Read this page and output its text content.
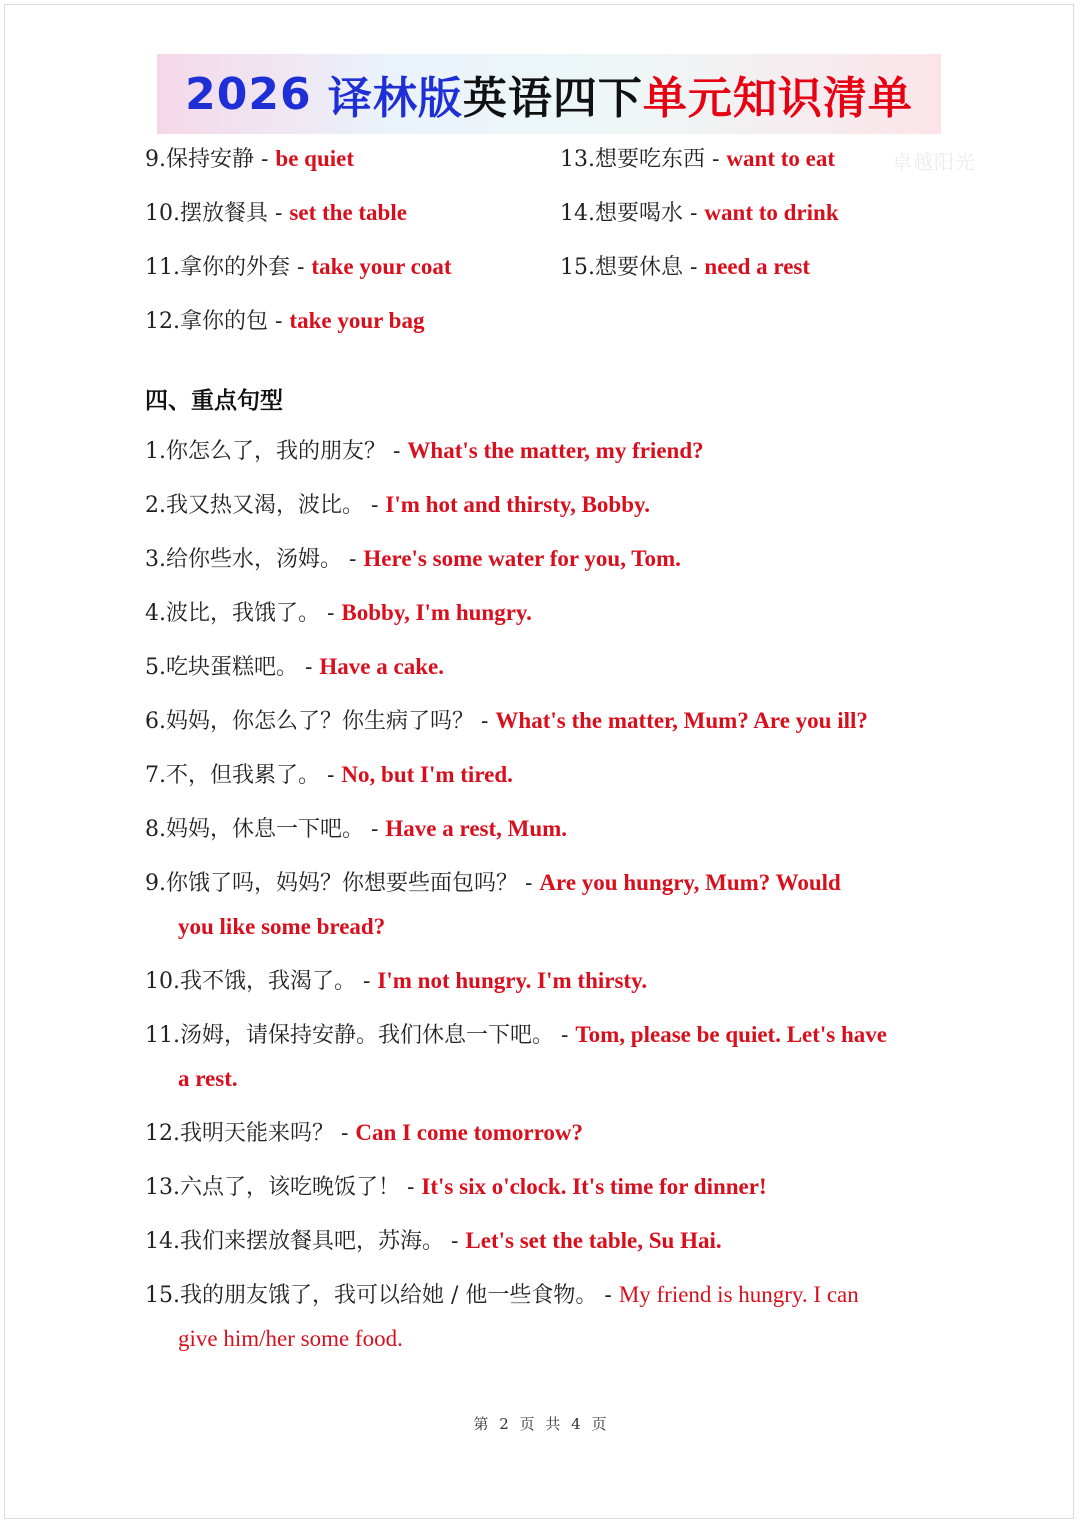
2026 译林版 英语四下 单元知识清单
卓越阳光
9.保持安静 - be quiet
10.摆放餐具 - set the table
11.拿你的外套 - take your coat
12.拿你的包 - take your bag
13.想要吃东西 - want to eat
14.想要喝水 - want to drink
15.想要休息 - need a rest
四、重点句型
1.你怎么了，我的朋友？ - What's the matter, my friend?
2.我又热又渴，波比。 - I'm hot and thirsty, Bobby.
3.给你些水，汤姆。 - Here's some water for you, Tom.
4.波比，我饿了。 - Bobby, I'm hungry.
5.吃块蛋糕吧。 - Have a cake.
6.妈妈，你怎么了？你生病了吗？ - What's the matter, Mum? Are you ill?
7.不，但我累了。 - No, but I'm tired.
8.妈妈，休息一下吧。 - Have a rest, Mum.
9.你饿了吗，妈妈？你想要些面包吗？ - Are you hungry, Mum? Would
you like some bread?
10.我不饿，我渴了。 - I'm not hungry. I'm thirsty.
11.汤姆，请保持安静。我们休息一下吧。 - Tom, please be quiet. Let's have
a rest.
12.我明天能来吗？ - Can I come tomorrow?
13.六点了，该吃晚饭了！ - It's six o'clock. It's time for dinner!
14.我们来摆放餐具吧，苏海。 - Let's set the table, Su Hai.
15.我的朋友饿了，我可以给她 / 他一些食物。 - My friend is hungry. I can
give him/her some food.
第 2 页 共 4 页
